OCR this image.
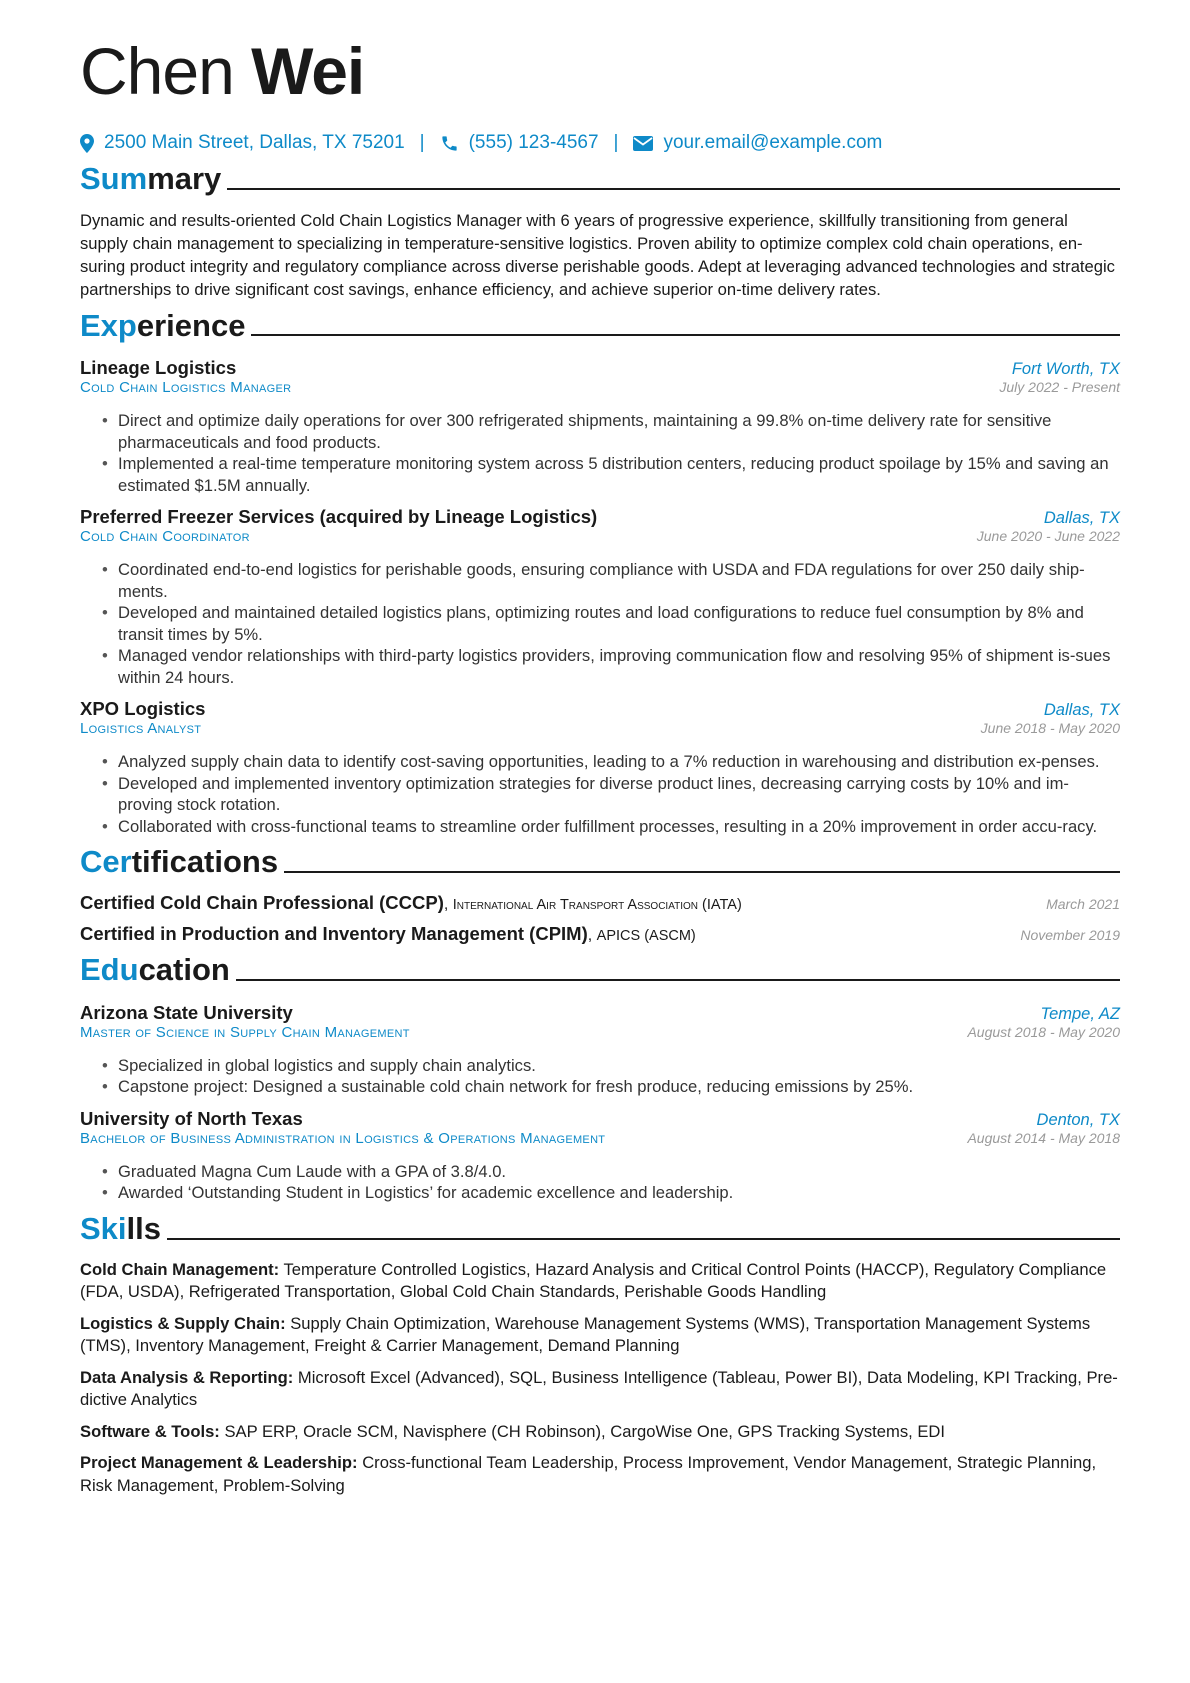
Chen Wei
2500 Main Street, Dallas, TX 75201 | (555) 123-4567 | your.email@example.com
Summary

Dynamic and results-oriented Cold Chain Logistics Manager with 6 years of progressive experience, skillfully transitioning from general supply chain management to specializing in temperature-sensitive logistics. Proven ability to optimize complex cold chain operations, en-suring product integrity and regulatory compliance across diverse perishable goods. Adept at leveraging advanced technologies and strategic partnerships to drive significant cost savings, enhance efficiency, and achieve superior on-time delivery rates.

Experience
Lineage Logistics	Fort Worth, TX
Cold Chain Logistics Manager	July 2022 - Present
• Direct and optimize daily operations for over 300 refrigerated shipments, maintaining a 99.8% on-time delivery rate for sensitive pharmaceuticals and food products.
• Implemented a real-time temperature monitoring system across 5 distribution centers, reducing product spoilage by 15% and saving an estimated $1.5M annually.
Preferred Freezer Services (acquired by Lineage Logistics)	Dallas, TX
Cold Chain Coordinator	June 2020 - June 2022
• Coordinated end-to-end logistics for perishable goods, ensuring compliance with USDA and FDA regulations for over 250 daily ship-ments.
• Developed and maintained detailed logistics plans, optimizing routes and load configurations to reduce fuel consumption by 8% and transit times by 5%.
• Managed vendor relationships with third-party logistics providers, improving communication flow and resolving 95% of shipment is-sues within 24 hours.
XPO Logistics	Dallas, TX
Logistics Analyst	June 2018 - May 2020
• Analyzed supply chain data to identify cost-saving opportunities, leading to a 7% reduction in warehousing and distribution ex-penses.
• Developed and implemented inventory optimization strategies for diverse product lines, decreasing carrying costs by 10% and im-proving stock rotation.
• Collaborated with cross-functional teams to streamline order fulfillment processes, resulting in a 20% improvement in order accu-racy.
Certifications
Certified Cold Chain Professional (CCCP), International Air Transport Association (IATA)	March 2021
Certified in Production and Inventory Management (CPIM), APICS (ASCM)	November 2019
Education
Arizona State University	Tempe, AZ
Master of Science in Supply Chain Management	August 2018 - May 2020
• Specialized in global logistics and supply chain analytics.
• Capstone project: Designed a sustainable cold chain network for fresh produce, reducing emissions by 25%.
University of North Texas	Denton, TX
Bachelor of Business Administration in Logistics & Operations Management	August 2014 - May 2018
• Graduated Magna Cum Laude with a GPA of 3.8/4.0.
• Awarded ‘Outstanding Student in Logistics’ for academic excellence and leadership.
Skills

Cold Chain Management: Temperature Controlled Logistics, Hazard Analysis and Critical Control Points (HACCP), Regulatory Compliance (FDA, USDA), Refrigerated Transportation, Global Cold Chain Standards, Perishable Goods Handling

Logistics & Supply Chain: Supply Chain Optimization, Warehouse Management Systems (WMS), Transportation Management Systems (TMS), Inventory Management, Freight & Carrier Management, Demand Planning

Data Analysis & Reporting: Microsoft Excel (Advanced), SQL, Business Intelligence (Tableau, Power BI), Data Modeling, KPI Tracking, Pre-dictive Analytics

Software & Tools: SAP ERP, Oracle SCM, Navisphere (CH Robinson), CargoWise One, GPS Tracking Systems, EDI

Project Management & Leadership: Cross-functional Team Leadership, Process Improvement, Vendor Management, Strategic Planning, Risk Management, Problem-Solving
